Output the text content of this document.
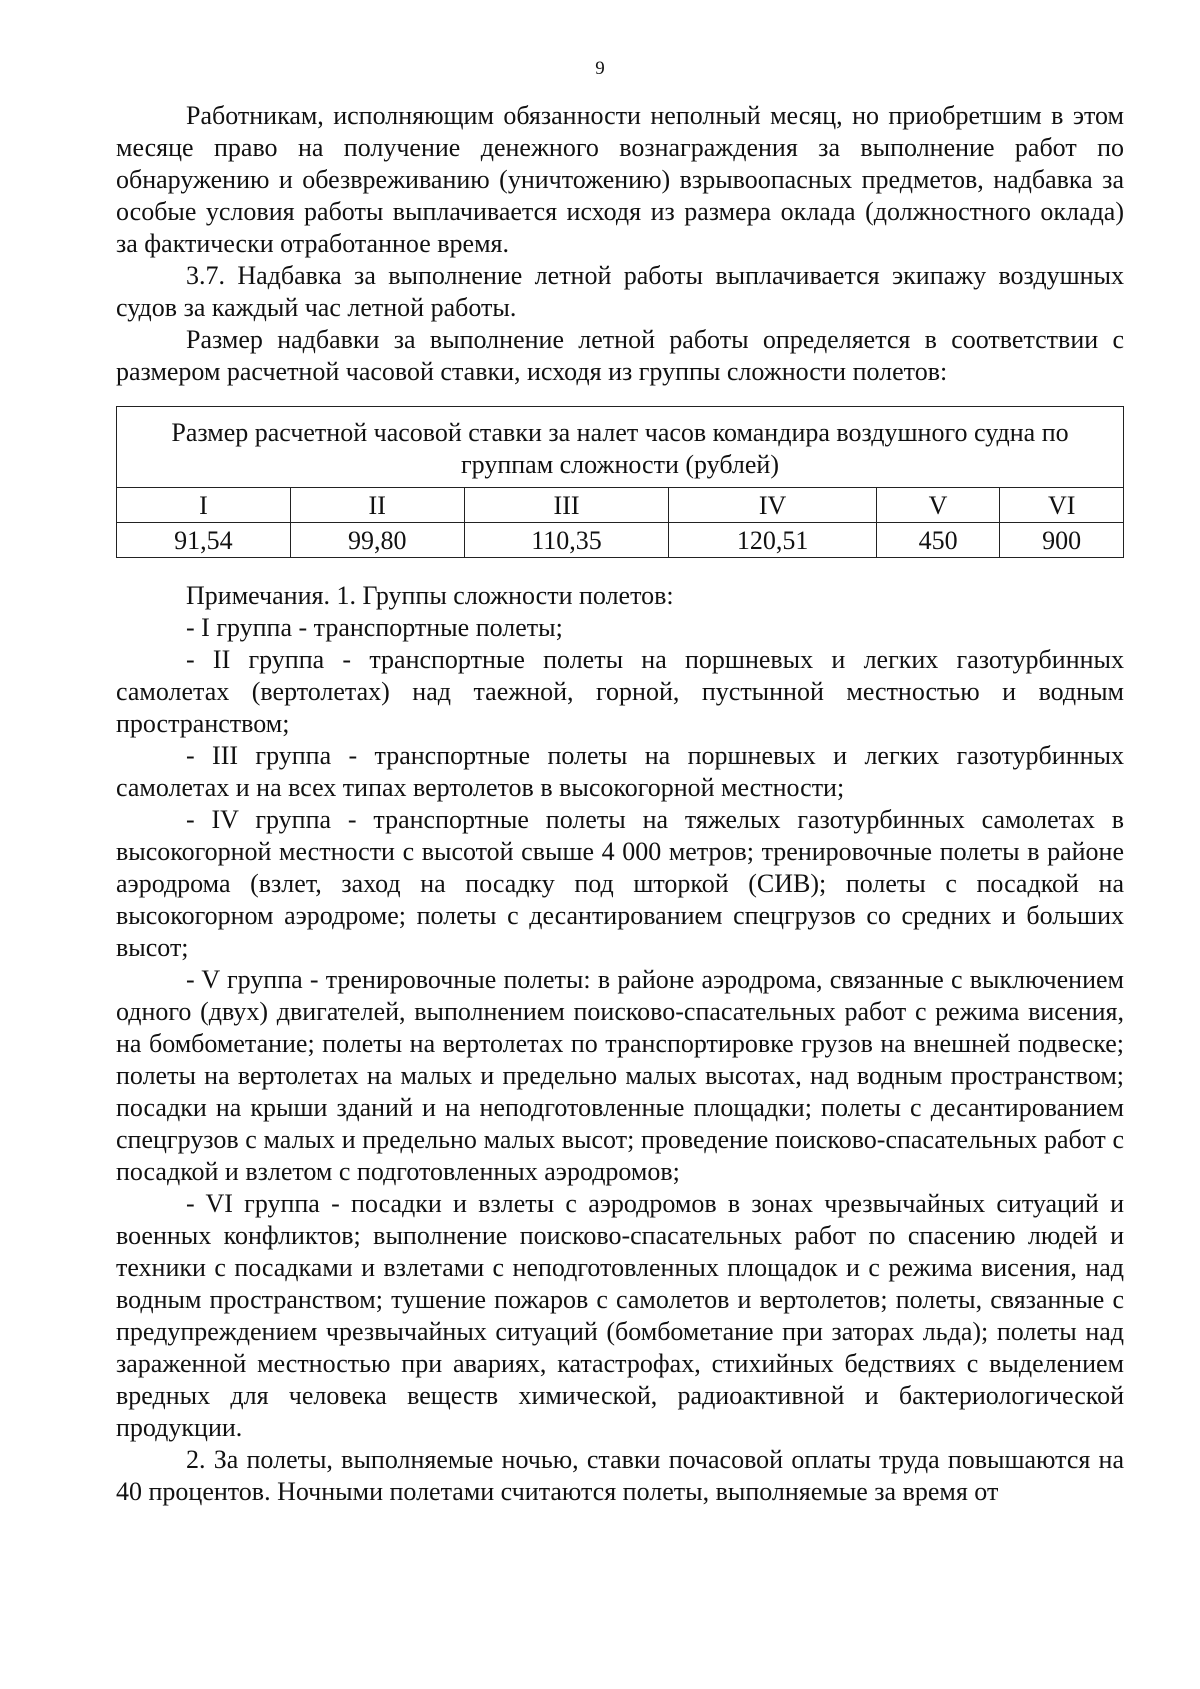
9

Работникам, исполняющим обязанности неполный месяц, но приобретшим в этом месяце право на получение денежного вознаграждения за выполнение работ по обнаружению и обезвреживанию (уничтожению) взрывоопасных предметов, надбавка за особые условия работы выплачивается исходя из размера оклада (должностного оклада) за фактически отработанное время.

3.7. Надбавка за выполнение летной работы выплачивается экипажу воздушных судов за каждый час летной работы.

Размер надбавки за выполнение летной работы определяется в соответствии с размером расчетной часовой ставки, исходя из группы сложности полетов:

Размер расчетной часовой ставки за налет часов командира воздушного судна по группам сложности (рублей)					
I	II	III	IV	V	VI
91,54	99,80	110,35	120,51	450	900

Примечания. 1. Группы сложности полетов:

- I группа - транспортные полеты;

- II группа - транспортные полеты на поршневых и легких газотурбинных самолетах (вертолетах) над таежной, горной, пустынной местностью и водным пространством;

- III группа - транспортные полеты на поршневых и легких газотурбинных самолетах и на всех типах вертолетов в высокогорной местности;

- IV группа - транспортные полеты на тяжелых газотурбинных самолетах в высокогорной местности с высотой свыше 4 000 метров; тренировочные полеты в районе аэродрома (взлет, заход на посадку под шторкой (СИВ); полеты с посадкой на высокогорном аэродроме; полеты с десантированием спецгрузов со средних и больших высот;

- V группа - тренировочные полеты: в районе аэродрома, связанные с выключением одного (двух) двигателей, выполнением поисково-спасательных работ с режима висения, на бомбометание; полеты на вертолетах по транспортировке грузов на внешней подвеске; полеты на вертолетах на малых и предельно малых высотах, над водным пространством; посадки на крыши зданий и на неподготовленные площадки; полеты с десантированием спецгрузов с малых и предельно малых высот; проведение поисково-спасательных работ с посадкой и взлетом с подготовленных аэродромов;

- VI группа - посадки и взлеты с аэродромов в зонах чрезвычайных ситуаций и военных конфликтов; выполнение поисково-спасательных работ по спасению людей и техники с посадками и взлетами с неподготовленных площадок и с режима висения, над водным пространством; тушение пожаров с самолетов и вертолетов; полеты, связанные с предупреждением чрезвычайных ситуаций (бомбометание при заторах льда); полеты над зараженной местностью при авариях, катастрофах, стихийных бедствиях с выделением вредных для человека веществ химической, радиоактивной и бактериологической продукции.

2. За полеты, выполняемые ночью, ставки почасовой оплаты труда повышаются на 40 процентов. Ночными полетами считаются полеты, выполняемые за время от
